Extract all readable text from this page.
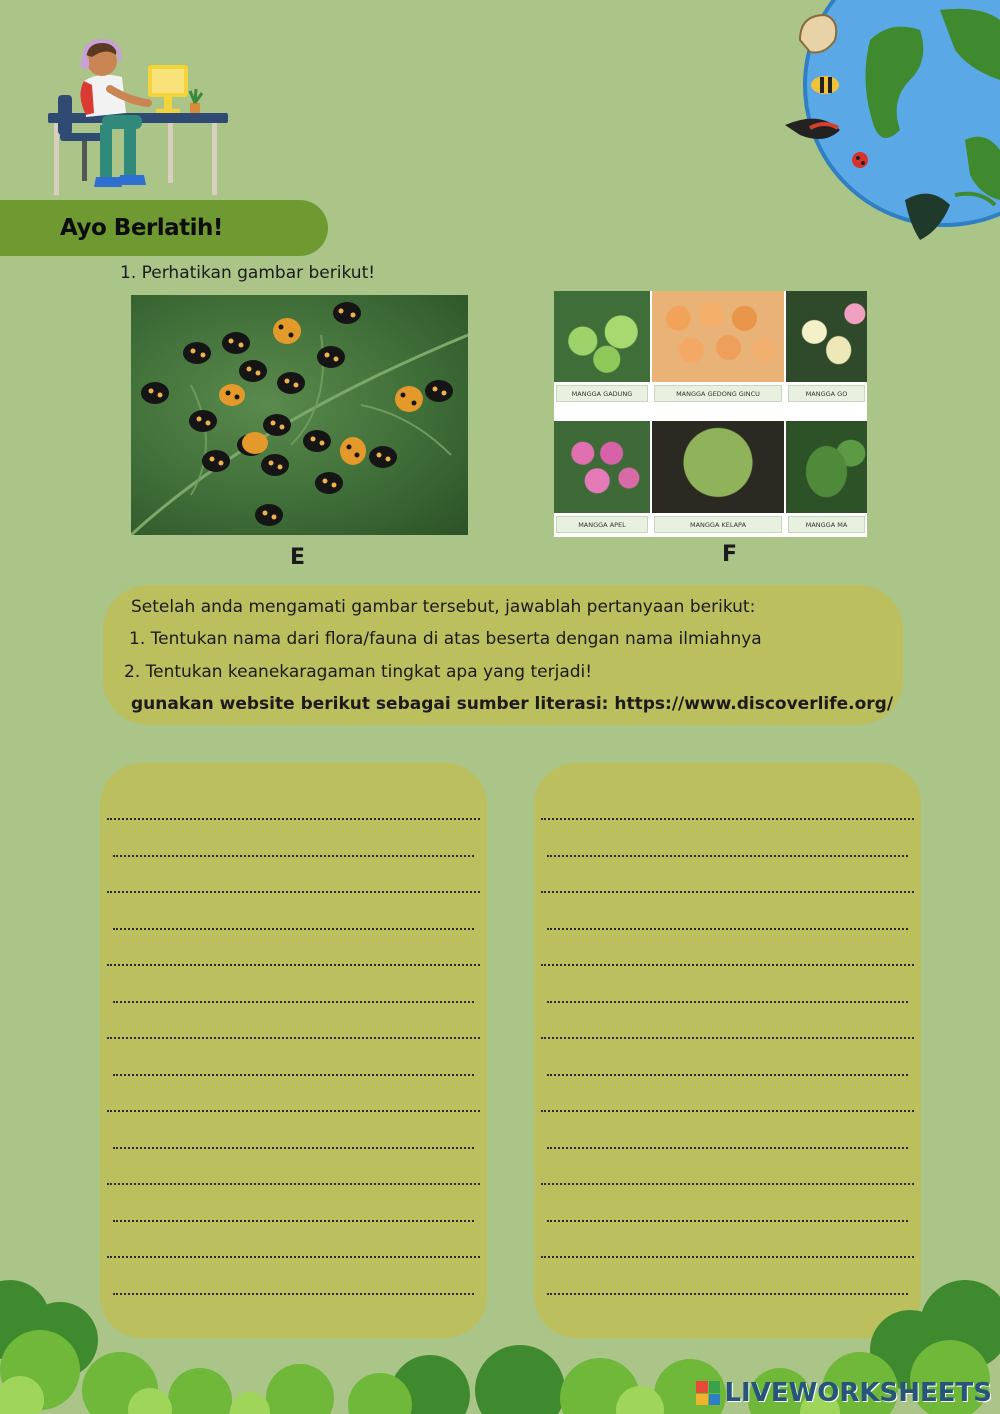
Ayo Berlatih!
1. Perhatikan gambar berikut!
E
MANGGA GADUNG	MANGGA GEDONG GINCU	MANGGA GO
MANGGA APEL	MANGGA KELAPA	MANGGA MA
F
Setelah anda mengamati gambar tersebut, jawablah pertanyaan berikut:
1. Tentukan nama dari flora/fauna di atas beserta dengan nama ilmiahnya
2. Tentukan keanekaragaman tingkat apa yang terjadi!
gunakan website berikut sebagai sumber literasi: https://www.discoverlife.org/
LIVEWORKSHEETS
